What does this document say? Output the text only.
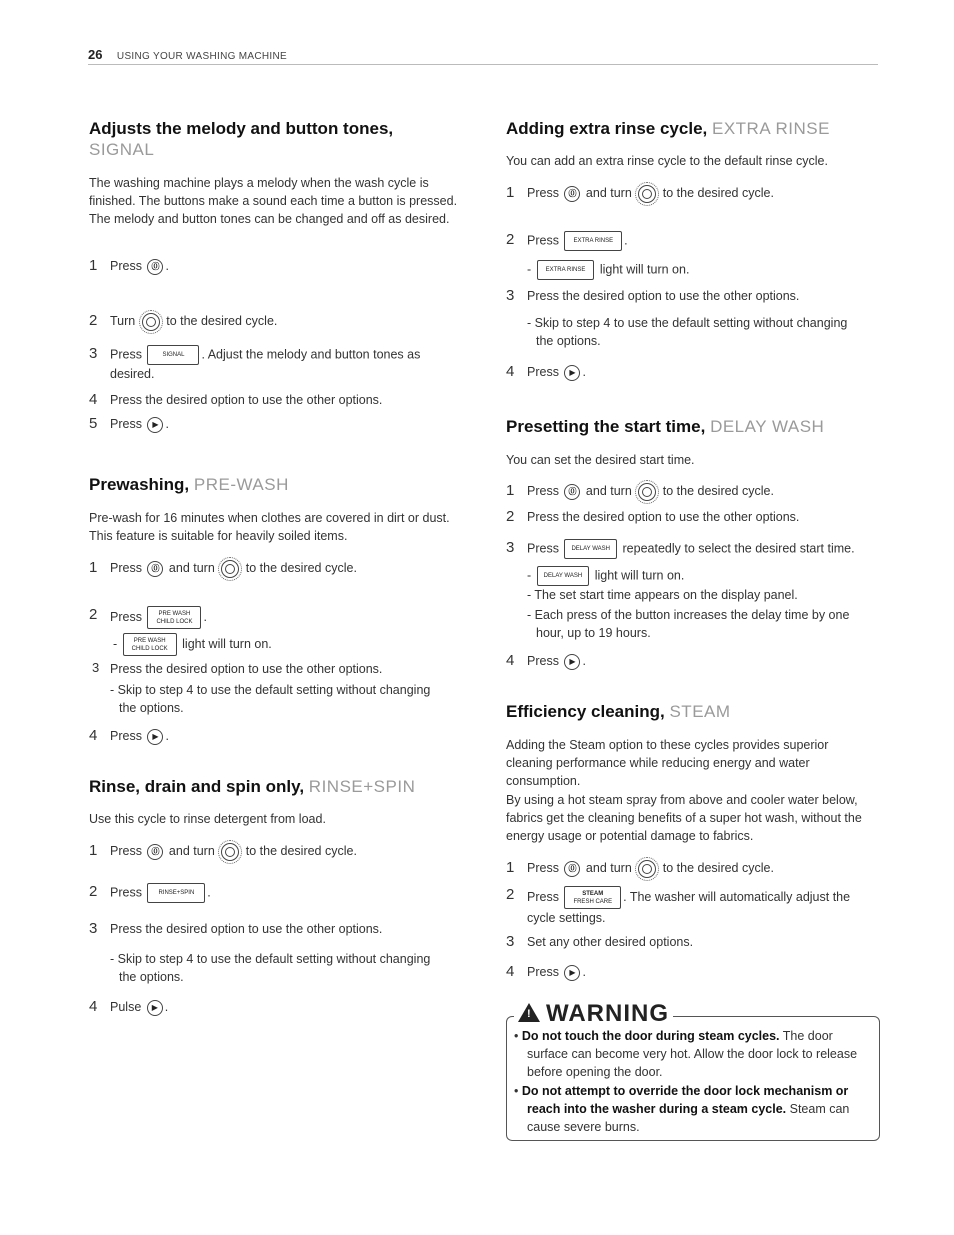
26 USING YOUR WASHING MACHINE
Adjusts the melody and button tones,
SIGNAL
The washing machine plays a melody when the wash cycle is finished. The buttons make a sound each time a button is pressed. The melody and button tones can be changed and off as desired.
1 Press ⓪ .
2 Turn to the desired cycle.
3 Press	SIGNAL . Adjust the melody and button tones as desired.
4 Press the desired option to use the other options.
5 Press ▶ .
Prewashing, PRE-WASH
Pre-wash for 16 minutes when clothes are covered in dirt or dust. This feature is suitable for heavily soiled items.
1 Press ⓪ and turn to the desired cycle.
2 Press	PRE WASH
CHILD LOCK .
- PRE WASH
CHILD LOCK light will turn on.
3 Press the desired option to use the other options.
- Skip to step 4 to use the default setting without changing the options.
4 Press ▶ .
Rinse, drain and spin only, RINSE+SPIN
Use this cycle to rinse detergent from load.
1 Press ⓪ and turn to the desired cycle.
2 Press	RINSE+SPIN .
3 Press the desired option to use the other options.
- Skip to step 4 to use the default setting without changing the options.
4 Pulse ▶ .
Adding extra rinse cycle, EXTRA RINSE
You can add an extra rinse cycle to the default rinse cycle.
1 Press ⓪ and turn to the desired cycle.
2 Press EXTRA RINSE .
- EXTRA RINSE light will turn on.
3 Press the desired option to use the other options.
- Skip to step 4 to use the default setting without changing the options.
4 Press ▶ .
Presetting the start time, DELAY WASH
You can set the desired start time.
1 Press ⓪ and turn to the desired cycle.
2 Press the desired option to use the other options.
3 Press DELAY WASH repeatedly to select the desired start time.
- DELAY WASH light will turn on.
- The set start time appears on the display panel.
- Each press of the button increases the delay time by one hour, up to 19 hours.
4 Press ▶ .
Efficiency cleaning, STEAM
Adding the Steam option to these cycles provides superior cleaning performance while reducing energy and water consumption.
By using a hot steam spray from above and cooler water below, fabrics get the cleaning benefits of a super hot wash, without the energy usage or potential damage to fabrics.
1 Press ⓪ and turn to the desired cycle.
2 Press	STEAM
FRESH CARE . The washer will automatically adjust the cycle settings.
3 Set any other desired options.
4 Press ▶ .
! WARNING
• Do not touch the door during steam cycles. The door surface can become very hot. Allow the door lock to release before opening the door.
• Do not attempt to override the door lock mechanism or reach into the washer during a steam cycle. Steam can cause severe burns.
